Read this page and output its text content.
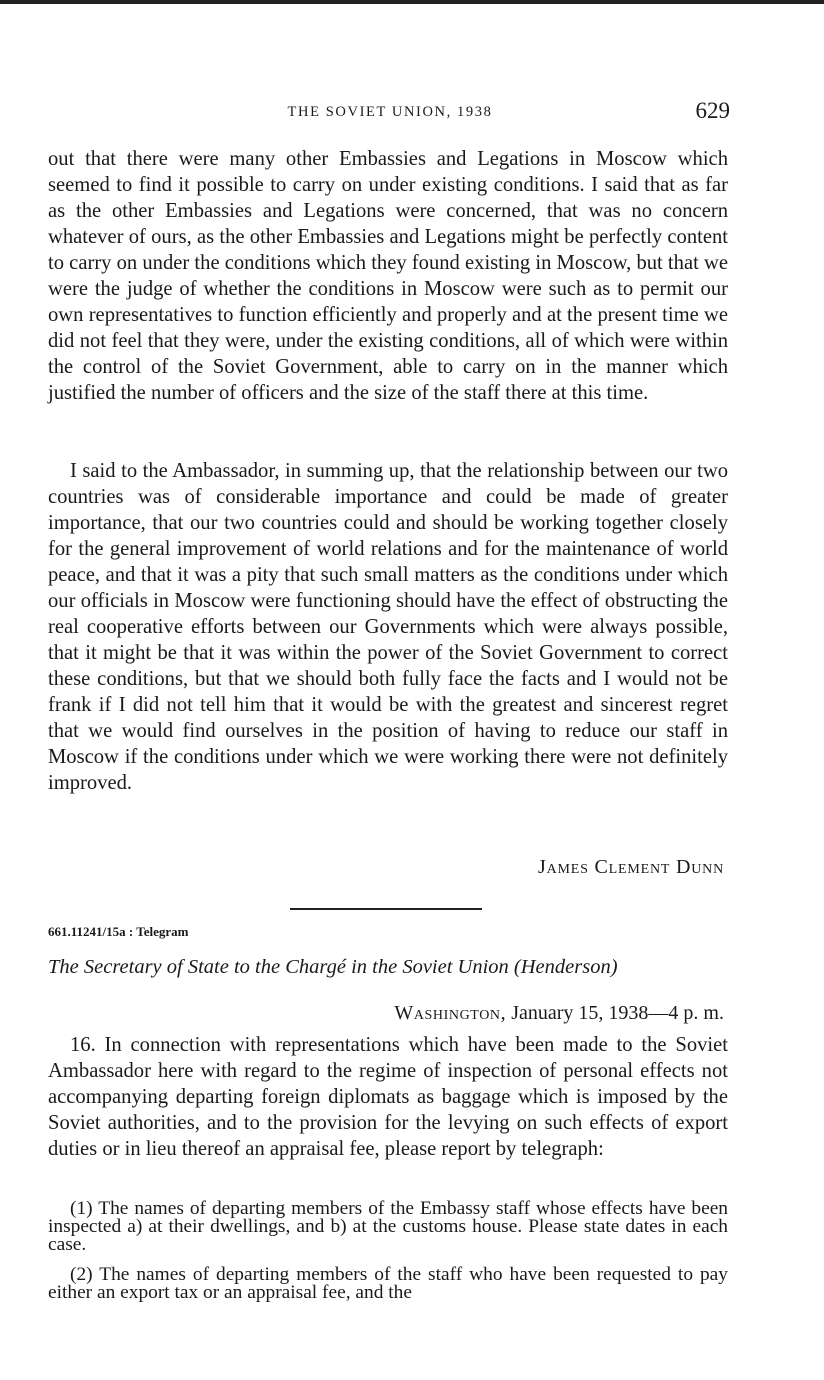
THE SOVIET UNION, 1938	629

out that there were many other Embassies and Legations in Moscow which seemed to find it possible to carry on under existing conditions. I said that as far as the other Embassies and Legations were concerned, that was no concern whatever of ours, as the other Embassies and Legations might be perfectly content to carry on under the conditions which they found existing in Moscow, but that we were the judge of whether the conditions in Moscow were such as to permit our own representatives to function efficiently and properly and at the present time we did not feel that they were, under the existing conditions, all of which were within the control of the Soviet Government, able to carry on in the manner which justified the number of officers and the size of the staff there at this time.

I said to the Ambassador, in summing up, that the relationship between our two countries was of considerable importance and could be made of greater importance, that our two countries could and should be working together closely for the general improvement of world relations and for the maintenance of world peace, and that it was a pity that such small matters as the conditions under which our officials in Moscow were functioning should have the effect of obstructing the real cooperative efforts between our Governments which were always possible, that it might be that it was within the power of the Soviet Government to correct these conditions, but that we should both fully face the facts and I would not be frank if I did not tell him that it would be with the greatest and sincerest regret that we would find ourselves in the position of having to reduce our staff in Moscow if the conditions under which we were working there were not definitely improved.

James Clement Dunn
661.11241/15a : Telegram
The Secretary of State to the Chargé in the Soviet Union (Henderson)
Washington, January 15, 1938—4 p. m.

16. In connection with representations which have been made to the Soviet Ambassador here with regard to the regime of inspection of personal effects not accompanying departing foreign diplomats as baggage which is imposed by the Soviet authorities, and to the provision for the levying on such effects of export duties or in lieu thereof an appraisal fee, please report by telegraph:

(1) The names of departing members of the Embassy staff whose effects have been inspected a) at their dwellings, and b) at the customs house. Please state dates in each case.

(2) The names of departing members of the staff who have been requested to pay either an export tax or an appraisal fee, and the
